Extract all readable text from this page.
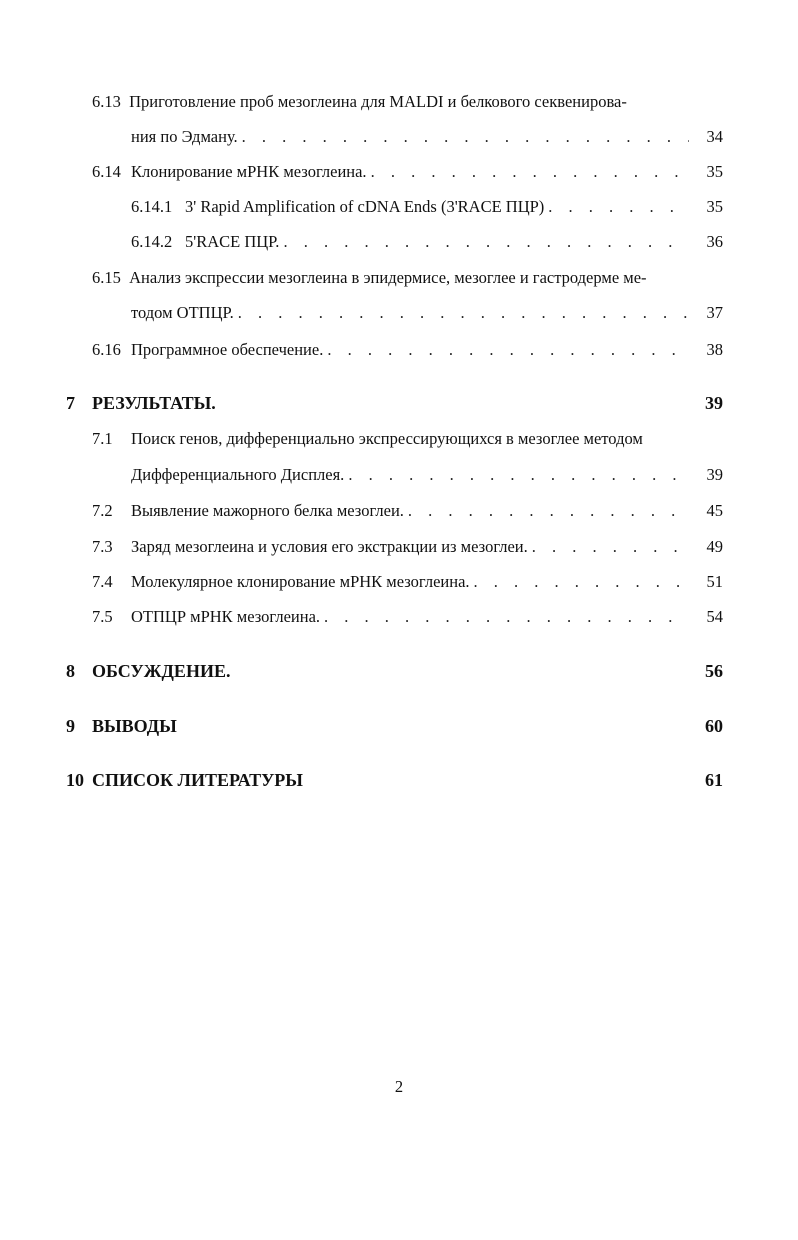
6.13 Приготовление проб мезоглеина для MALDI и белкового секвенирова-
ния по Эдману. . . .	34
6.14 Клонирование мРНК мезоглеина. . . .	35
6.14.1 3' Rapid Amplification of cDNA Ends (3'RACE ПЦР) . . .	35
6.14.2 5'RACE ПЦР. . . .	36
6.15 Анализ экспрессии мезоглеина в эпидермисе, мезоглее и гастродерме ме-
тодом ОТПЦР. . . .	37
6.16 Программное обеспечение. . . .	38
7 РЕЗУЛЬТАТЫ.	39
7.1 Поиск генов, дифференциально экспрессирующихся в мезоглее методом
Дифференциального Дисплея. . . .	39
7.2	Выявление мажорного белка мезоглеи. . . .	45
7.3	Заряд мезоглеина и условия его экстракции из мезоглеи. . . .	49
7.4	Молекулярное клонирование мРНК мезоглеина. . . .	51
7.5	ОТПЦР мРНК мезоглеина. . . .	54
8 ОБСУЖДЕНИЕ.	56
9 ВЫВОДЫ	60
10 СПИСОК ЛИТЕРАТУРЫ	61
2
